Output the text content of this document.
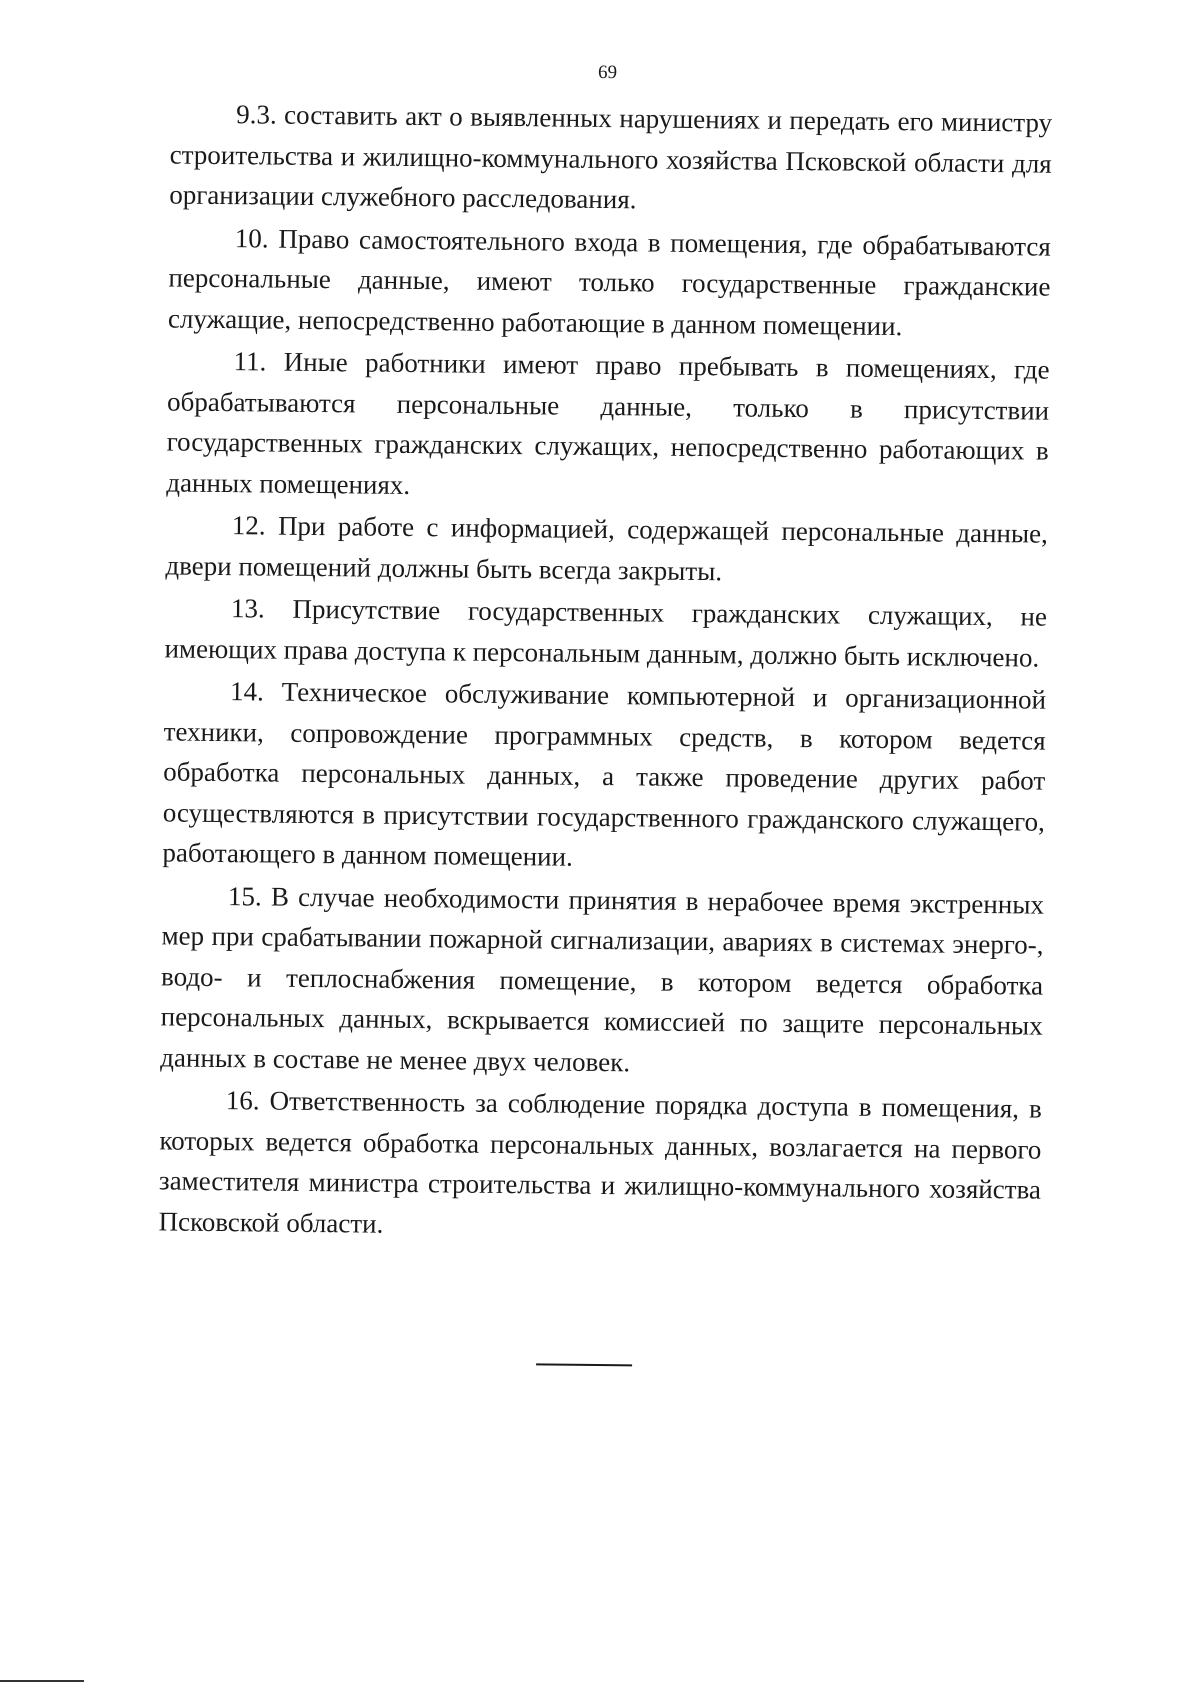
69

9.3. составить акт о выявленных нарушениях и передать его министру строительства и жилищно-коммунального хозяйства Псковской области для организации служебного расследования.

10. Право самостоятельного входа в помещения, где обрабатываются персональные данные, имеют только государственные гражданские служащие, непосредственно работающие в данном помещении.

11. Иные работники имеют право пребывать в помещениях, где обрабатываются персональные данные, только в присутствии государственных гражданских служащих, непосредственно работающих в данных помещениях.

12. При работе с информацией, содержащей персональные данные, двери помещений должны быть всегда закрыты.

13. Присутствие государственных гражданских служащих, не имеющих права доступа к персональным данным, должно быть исключено.

14. Техническое обслуживание компьютерной и организационной техники, сопровождение программных средств, в котором ведется обработка персональных данных, а также проведение других работ осуществляются в присутствии государственного гражданского служащего, работающего в данном помещении.

15. В случае необходимости принятия в нерабочее время экстренных мер при срабатывании пожарной сигнализации, авариях в системах энерго-, водо- и теплоснабжения помещение, в котором ведется обработка персональных данных, вскрывается комиссией по защите персональных данных в составе не менее двух человек.

16. Ответственность за соблюдение порядка доступа в помещения, в которых ведется обработка персональных данных, возлагается на первого заместителя министра строительства и жилищно-коммунального хозяйства Псковской области.
